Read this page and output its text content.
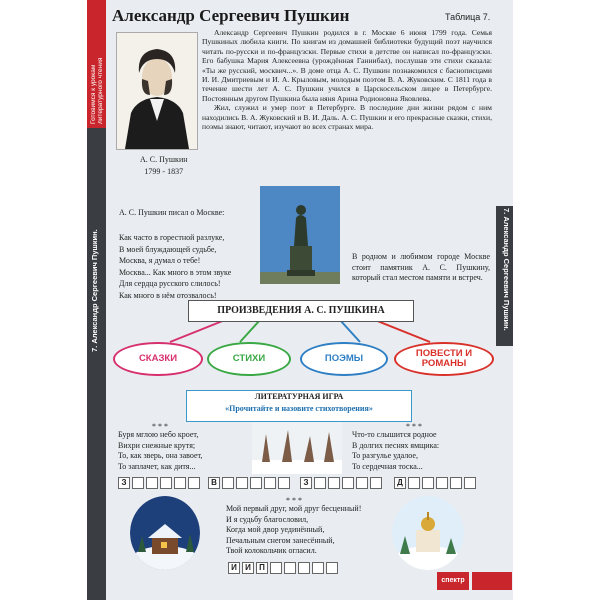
Готовимся к урокам литературного чтения
7. Александр Сергеевич Пушкин.	7. Александр Сергеевич Пушкин.
Александр Сергеевич Пушкин	Таблица 7.
А. С. Пушкин
1799 - 1837

Александр Сергеевич Пушкин родился в г. Москве 6 июня 1799 года. Семья Пушкиных любила книги. По книгам из домашней библиотеки будущий поэт научился читать по-русски и по-французски. Первые стихи в детстве он написал по-французски. Его бабушка Мария Алексеевна (урождённая Ганнибал), послушав эти стихи сказала: «Ты же русский, москвич...». В доме отца А. С. Пушкин познакомился с баснописцами И. И. Дмитриевым и И. А. Крыловым, молодым поэтом В. А. Жуковским. С 1811 года в течение шести лет А. С. Пушкин учился в Царскосельском лицее в Петербурге. Постоянным другом Пушкина была няня Арина Родионовна Яковлева.

Жил, служил и умер поэт в Петербурге. В последние дни жизни рядом с ним находились В. А. Жуковский и В. И. Даль. А. С. Пушкин и его прекрасные сказки, стихи, поэмы знают, читают, изучают во всех странах мира.

А. С. Пушкин писал о Москве:
Как часто в горестной разлуке,
В моей блуждающей судьбе,
Москва, я думал о тебе!
Москва... Как много в этом звуке
Для сердца русского слилось!
Как много в нём отозвалось!
В родном и любимом городе Москве стоит памятник А. С. Пушкину, который стал местом памяти и встреч.
ПРОИЗВЕДЕНИЯ А. С. ПУШКИНА
СКАЗКИ	СТИХИ	ПОЭМЫ	ПОВЕСТИ И РОМАНЫ
ЛИТЕРАТУРНАЯ ИГРА
«Прочитайте и назовите стихотворения»
* * *
Буря мглою небо кроет,
Вихри снежные крутя;
То, как зверь, она завоет,
То заплачет, как дитя...
* * *
Что-то слышится родное
В долгих песнях ямщика:
То разгулье удалое,
То сердечная тоска...
З	В	З	Д
* * *
Мой первый друг, мой друг бесценный!
И я судьбу благословил,
Когда мой двор уединённый,
Печальным снегом занесённый,
Твой колокольчик огласил.
И	И	П
спектр
